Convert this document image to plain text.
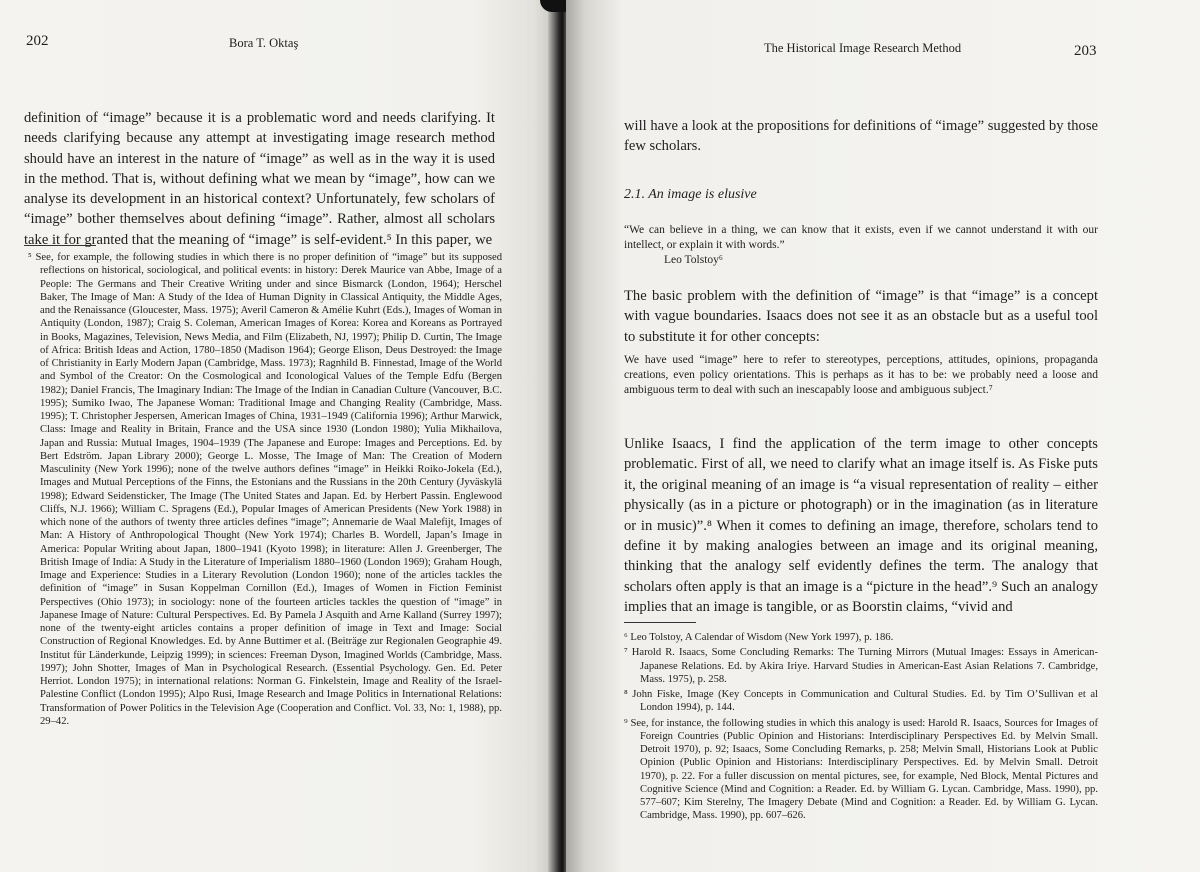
202	Bora T. Oktaş

definition of “image” because it is a problematic word and needs clarifying. It needs clarifying because any attempt at investigating image research method should have an interest in the nature of “image” as well as in the way it is used in the method. That is, without defining what we mean by “image”, how can we analyse its development in an historical context? Unfortunately, few scholars of “image” bother themselves about defining “image”. Rather, almost all scholars take it for granted that the meaning of “image” is self-evident.⁵ In this paper, we

⁵ See, for example, the following studies in which there is no proper definition of “image” but its supposed reflections on historical, sociological, and political events: in history: Derek Maurice van Abbe, Image of a People: The Germans and Their Creative Writing under and since Bismarck (London, 1964); Herschel Baker, The Image of Man: A Study of the Idea of Human Dignity in Classical Antiquity, the Middle Ages, and the Renaissance (Gloucester, Mass. 1975); Averil Cameron & Amélie Kuhrt (Eds.), Images of Woman in Antiquity (London, 1987); Craig S. Coleman, American Images of Korea: Korea and Koreans as Portrayed in Books, Magazines, Television, News Media, and Film (Elizabeth, NJ, 1997); Philip D. Curtin, The Image of Africa: British Ideas and Action, 1780–1850 (Madison 1964); George Elison, Deus Destroyed: the Image of Christianity in Early Modern Japan (Cambridge, Mass. 1973); Ragnhild B. Finnestad, Image of the World and Symbol of the Creator: On the Cosmological and Iconological Values of the Temple Edfu (Bergen 1982); Daniel Francis, The Imaginary Indian: The Image of the Indian in Canadian Culture (Vancouver, B.C. 1995); Sumiko Iwao, The Japanese Woman: Traditional Image and Changing Reality (Cambridge, Mass. 1995); T. Christopher Jespersen, American Images of China, 1931–1949 (California 1996); Arthur Marwick, Class: Image and Reality in Britain, France and the USA since 1930 (London 1980); Yulia Mikhailova, Japan and Russia: Mutual Images, 1904–1939 (The Japanese and Europe: Images and Perceptions. Ed. by Bert Edström. Japan Library 2000); George L. Mosse, The Image of Man: The Creation of Modern Masculinity (New York 1996); none of the twelve authors defines “image” in Heikki Roiko-Jokela (Ed.), Images and Mutual Perceptions of the Finns, the Estonians and the Russians in the 20th Century (Jyväskylä 1998); Edward Seidensticker, The Image (The United States and Japan. Ed. by Herbert Passin. Englewood Cliffs, N.J. 1966); William C. Spragens (Ed.), Popular Images of American Presidents (New York 1988) in which none of the authors of twenty three articles defines “image”; Annemarie de Waal Malefijt, Images of Man: A History of Anthropological Thought (New York 1974); Charles B. Wordell, Japan’s Image in America: Popular Writing about Japan, 1800–1941 (Kyoto 1998); in literature: Allen J. Greenberger, The British Image of India: A Study in the Literature of Imperialism 1880–1960 (London 1969); Graham Hough, Image and Experience: Studies in a Literary Revolution (London 1960); none of the articles tackles the definition of “image” in Susan Koppelman Cornillon (Ed.), Images of Women in Fiction Feminist Perspectives (Ohio 1973); in sociology: none of the fourteen articles tackles the question of “image” in Japanese Image of Nature: Cultural Perspectives. Ed. By Pamela J Asquith and Arne Kalland (Surrey 1997); none of the twenty-eight articles contains a proper definition of image in Text and Image: Social Construction of Regional Knowledges. Ed. by Anne Buttimer et al. (Beiträge zur Regionalen Geographie 49. Institut für Länderkunde, Leipzig 1999); in sciences: Freeman Dyson, Imagined Worlds (Cambridge, Mass. 1997); John Shotter, Images of Man in Psychological Research. (Essential Psychology. Gen. Ed. Peter Herriot. London 1975); in international relations: Norman G. Finkelstein, Image and Reality of the Israel-Palestine Conflict (London 1995); Alpo Rusi, Image Research and Image Politics in International Relations: Transformation of Power Politics in the Television Age (Cooperation and Conflict. Vol. 33, No: 1, 1988), pp. 29–42.

The Historical Image Research Method	203

will have a look at the propositions for definitions of “image” suggested by those few scholars.

2.1. An image is elusive

“We can believe in a thing, we can know that it exists, even if we cannot understand it with our intellect, or explain it with words.”

Leo Tolstoy⁶

The basic problem with the definition of “image” is that “image” is a concept with vague boundaries. Isaacs does not see it as an obstacle but as a useful tool to substitute it for other concepts:

We have used “image” here to refer to stereotypes, perceptions, attitudes, opinions, propaganda creations, even policy orientations. This is perhaps as it has to be: we probably need a loose and ambiguous term to deal with such an inescapably loose and ambiguous subject.⁷

Unlike Isaacs, I find the application of the term image to other concepts problematic. First of all, we need to clarify what an image itself is. As Fiske puts it, the original meaning of an image is “a visual representation of reality – either physically (as in a picture or photograph) or in the imagination (as in literature or in music)”.⁸ When it comes to defining an image, therefore, scholars tend to define it by making analogies between an image and its original meaning, thinking that the analogy self evidently defines the term. The analogy that scholars often apply is that an image is a “picture in the head”.⁹ Such an analogy implies that an image is tangible, or as Boorstin claims, “vivid and

⁶ Leo Tolstoy, A Calendar of Wisdom (New York 1997), p. 186.

⁷ Harold R. Isaacs, Some Concluding Remarks: The Turning Mirrors (Mutual Images: Essays in American-Japanese Relations. Ed. by Akira Iriye. Harvard Studies in American-East Asian Relations 7. Cambridge, Mass. 1975), p. 258.

⁸ John Fiske, Image (Key Concepts in Communication and Cultural Studies. Ed. by Tim O’Sullivan et al London 1994), p. 144.

⁹ See, for instance, the following studies in which this analogy is used: Harold R. Isaacs, Sources for Images of Foreign Countries (Public Opinion and Historians: Interdisciplinary Perspectives Ed. by Melvin Small. Detroit 1970), p. 92; Isaacs, Some Concluding Remarks, p. 258; Melvin Small, Historians Look at Public Opinion (Public Opinion and Historians: Interdisciplinary Perspectives. Ed. by Melvin Small. Detroit 1970), p. 22. For a fuller discussion on mental pictures, see, for example, Ned Block, Mental Pictures and Cognitive Science (Mind and Cognition: a Reader. Ed. by William G. Lycan. Cambridge, Mass. 1990), pp. 577–607; Kim Sterelny, The Imagery Debate (Mind and Cognition: a Reader. Ed. by William G. Lycan. Cambridge, Mass. 1990), pp. 607–626.
